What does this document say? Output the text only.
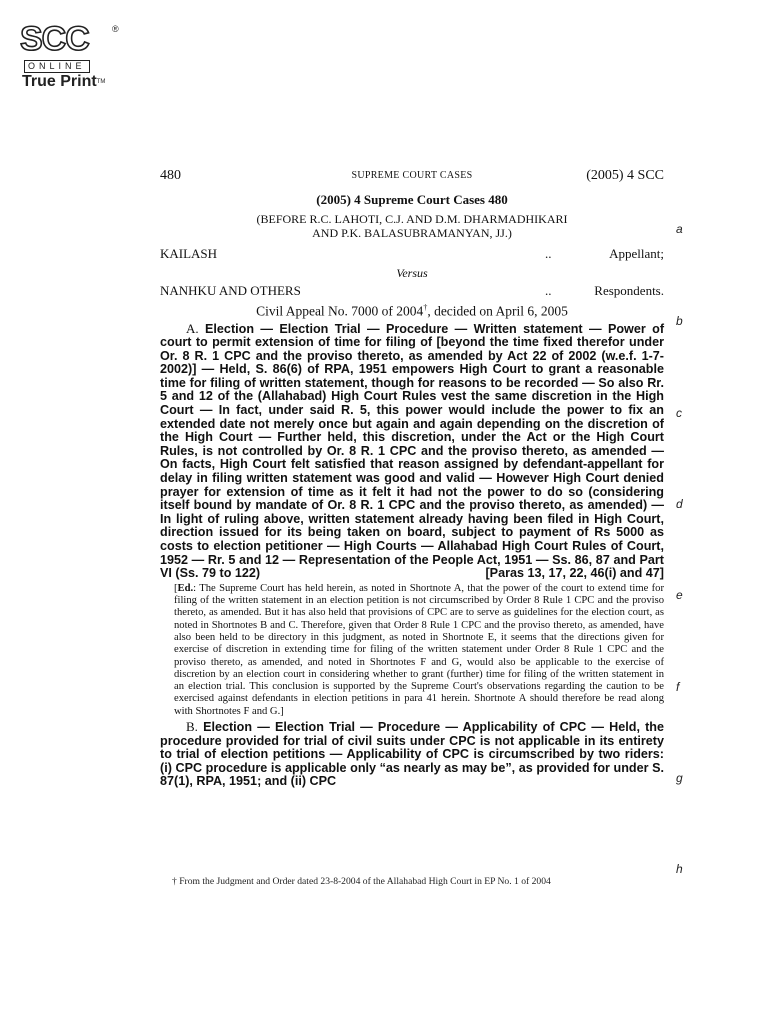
SCC	®
ONLINE
True Print™
a
b
c
d
e
f
g
h
480	SUPREME COURT CASES	(2005) 4 SCC
(2005) 4 Supreme Court Cases 480
(BEFORE R.C. LAHOTI, C.J. AND D.M. DHARMADHIKARI
AND P.K. BALASUBRAMANYAN, JJ.)
KAILASH	..	Appellant;
Versus
NANHKU AND OTHERS	..	Respondents.
Civil Appeal No. 7000 of 2004†, decided on April 6, 2005

A. Election — Election Trial — Procedure — Written statement — Power of court to permit extension of time for filing of [beyond the time fixed therefor under Or. 8 R. 1 CPC and the proviso thereto, as amended by Act 22 of 2002 (w.e.f. 1-7-2002)] — Held, S. 86(6) of RPA, 1951 empowers High Court to grant a reasonable time for filing of written statement, though for reasons to be recorded — So also Rr. 5 and 12 of the (Allahabad) High Court Rules vest the same discretion in the High Court — In fact, under said R. 5, this power would include the power to fix an extended date not merely once but again and again depending on the discretion of the High Court — Further held, this discretion, under the Act or the High Court Rules, is not controlled by Or. 8 R. 1 CPC and the proviso thereto, as amended — On facts, High Court felt satisfied that reason assigned by defendant-appellant for delay in filing written statement was good and valid — However High Court denied prayer for extension of time as it felt it had not the power to do so (considering itself bound by mandate of Or. 8 R. 1 CPC and the proviso thereto, as amended) — In light of ruling above, written statement already having been filed in High Court, direction issued for its being taken on board, subject to payment of Rs 5000 as costs to election petitioner — High Courts — Allahabad High Court Rules of Court, 1952 — Rr. 5 and 12 — Representation of the People Act, 1951 — Ss. 86, 87 and Part VI (Ss. 79 to 122)	[Paras 13, 17, 22, 46(i) and 47]

[Ed.: The Supreme Court has held herein, as noted in Shortnote A, that the power of the court to extend time for filing of the written statement in an election petition is not circumscribed by Order 8 Rule 1 CPC and the proviso thereto, as amended. But it has also held that provisions of CPC are to serve as guidelines for the election court, as noted in Shortnotes B and C. Therefore, given that Order 8 Rule 1 CPC and the proviso thereto, as amended, have also been held to be directory in this judgment, as noted in Shortnote E, it seems that the directions given for exercise of discretion in extending time for filing of the written statement under Order 8 Rule 1 CPC and the proviso thereto, as amended, and noted in Shortnotes F and G, would also be applicable to the exercise of discretion by an election court in considering whether to grant (further) time for filing of the written statement in an election trial. This conclusion is supported by the Supreme Court's observations regarding the caution to be exercised against defendants in election petitions in para 41 herein. Shortnote A should therefore be read along with Shortnotes F and G.]

B. Election — Election Trial — Procedure — Applicability of CPC — Held, the procedure provided for trial of civil suits under CPC is not applicable in its entirety to trial of election petitions — Applicability of CPC is circumscribed by two riders: (i) CPC procedure is applicable only “as nearly as may be”, as provided for under S. 87(1), RPA, 1951; and (ii) CPC

† From the Judgment and Order dated 23-8-2004 of the Allahabad High Court in EP No. 1 of 2004
